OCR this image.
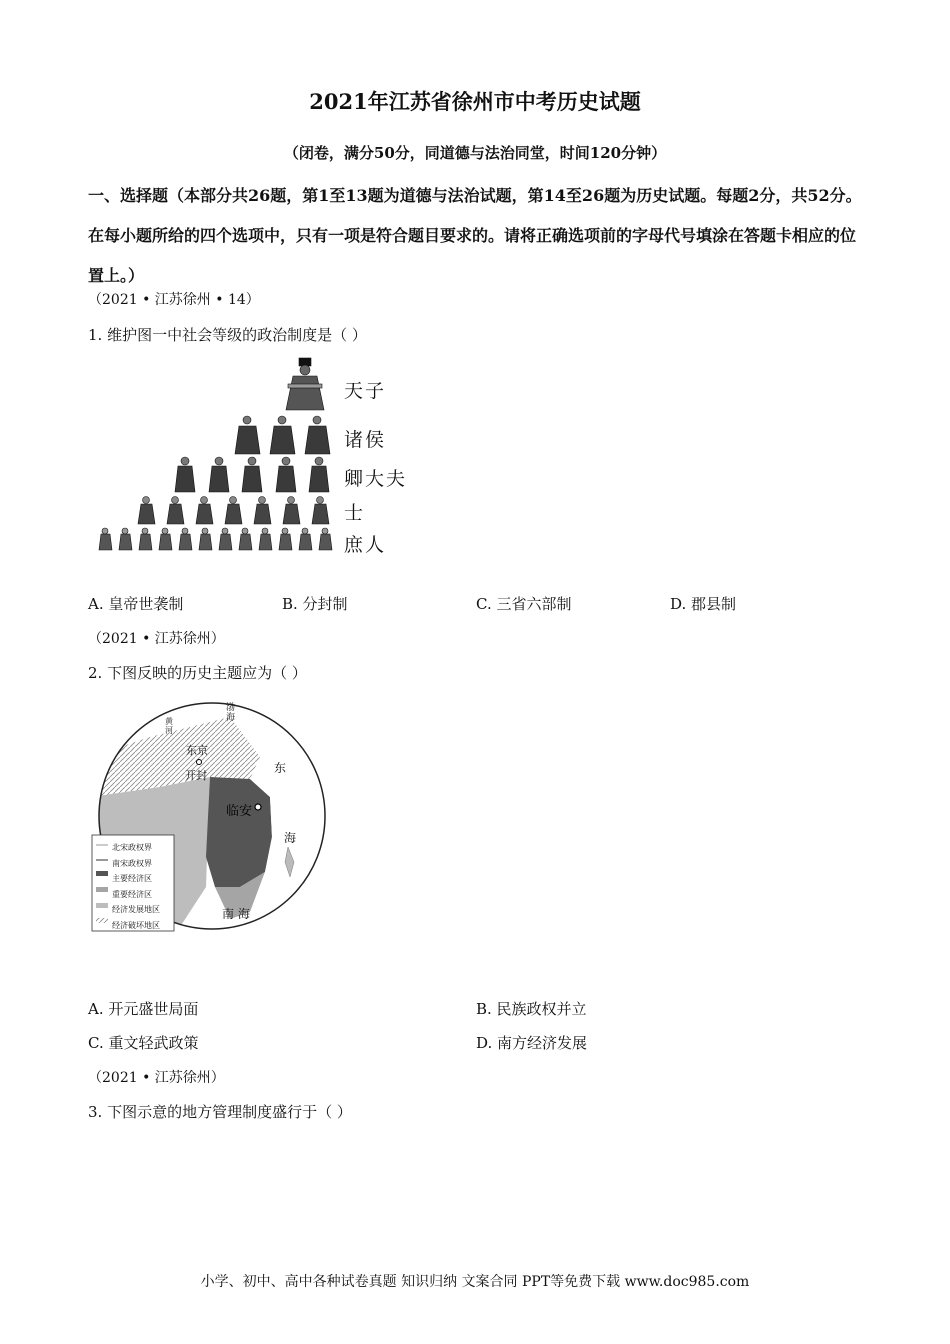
2021年江苏省徐州市中考历史试题
（闭卷，满分50分，同道德与法治同堂，时间120分钟）
一、选择题（本部分共26题，第1至13题为道德与法治试题，第14至26题为历史试题。每题2分，共52分。在每小题所给的四个选项中，只有一项是符合题目要求的。请将正确选项前的字母代号填涂在答题卡相应的位置上。）
（2021 • 江苏徐州 • 14）
1. 维护图一中社会等级的政治制度是（ ）
天子
诸侯
卿大夫
士
庶人
A. 皇帝世袭制	B. 分封制	C. 三省六部制	D. 郡县制
（2021 • 江苏徐州）
2. 下图反映的历史主题应为（ ）
渤海
黄河
东京
开封
临安
东
海
南 海
北宋政权界
南宋政权界
主要经济区
重要经济区
经济发展地区
经济破坏地区
A. 开元盛世局面	B. 民族政权并立
C. 重文轻武政策	D. 南方经济发展
（2021 • 江苏徐州）
3. 下图示意的地方管理制度盛行于（ ）
小学、初中、高中各种试卷真题 知识归纳 文案合同 PPT等免费下载 www.doc985.com
